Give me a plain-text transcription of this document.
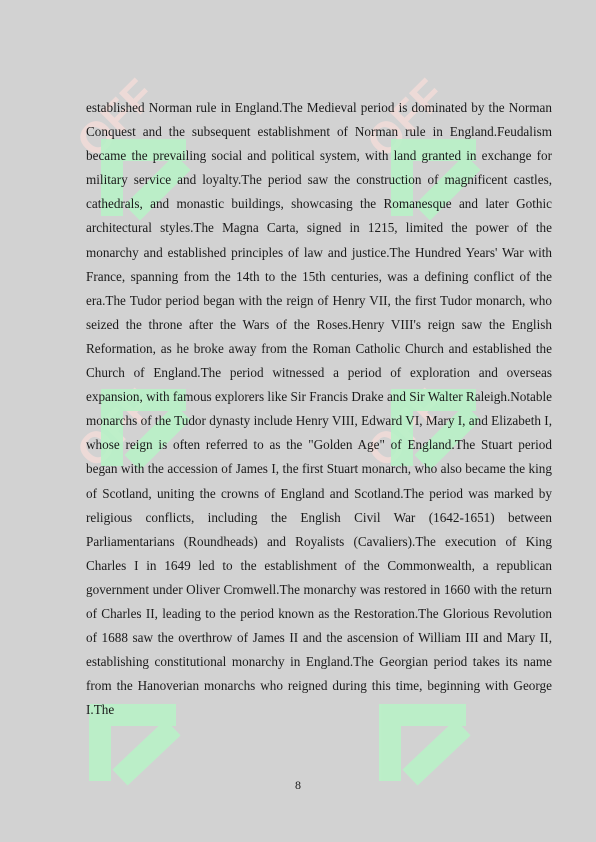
OFF	OFF
OFF	OFF

established Norman rule in England.The Medieval period is dominated by the Norman Conquest and the subsequent establishment of Norman rule in England.Feudalism became the prevailing social and political system, with land granted in exchange for military service and loyalty.The period saw the construction of magnificent castles, cathedrals, and monastic buildings, showcasing the Romanesque and later Gothic architectural styles.The Magna Carta, signed in 1215, limited the power of the monarchy and established principles of law and justice.The Hundred Years' War with France, spanning from the 14th to the 15th centuries, was a defining conflict of the era.The Tudor period began with the reign of Henry VII, the first Tudor monarch, who seized the throne after the Wars of the Roses.Henry VIII's reign saw the English Reformation, as he broke away from the Roman Catholic Church and established the Church of England.The period witnessed a period of exploration and overseas expansion, with famous explorers like Sir Francis Drake and Sir Walter Raleigh.Notable monarchs of the Tudor dynasty include Henry VIII, Edward VI, Mary I, and Elizabeth I, whose reign is often referred to as the "Golden Age" of England.The Stuart period began with the accession of James I, the first Stuart monarch, who also became the king of Scotland, uniting the crowns of England and Scotland.The period was marked by religious conflicts, including the English Civil War (1642-1651) between Parliamentarians (Roundheads) and Royalists (Cavaliers).The execution of King Charles I in 1649 led to the establishment of the Commonwealth, a republican government under Oliver Cromwell.The monarchy was restored in 1660 with the return of Charles II, leading to the period known as the Restoration.The Glorious Revolution of 1688 saw the overthrow of James II and the ascension of William III and Mary II, establishing constitutional monarchy in England.The Georgian period takes its name from the Hanoverian monarchs who reigned during this time, beginning with George I.The

8
